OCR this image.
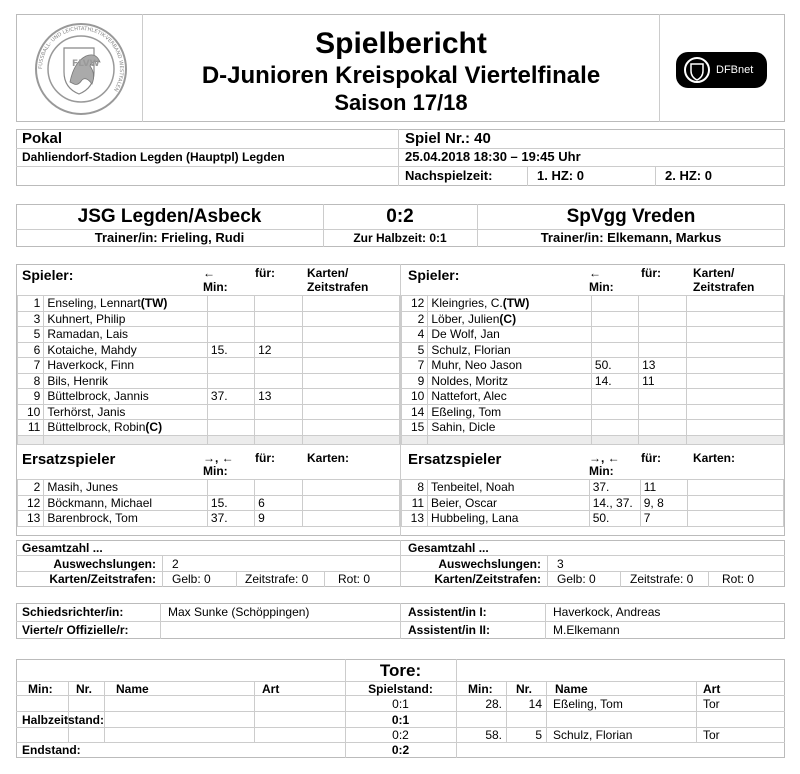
FUSSBALL- UND LEICHTATHLETIK-VERBAND WESTFALEN
FLVW
Spielbericht
D-Junioren Kreispokal Viertelfinale
Saison 17/18
DFBnet
Pokal
Dahliendorf-Stadion Legden (Hauptpl) Legden
Spiel Nr.: 40
25.04.2018 18:30 – 19:45 Uhr
Nachspielzeit:	1. HZ: 0	2. HZ: 0
JSG Legden/Asbeck	0:2	SpVgg Vreden
Trainer/in: Frieling, Rudi	Zur Halbzeit: 0:1	Trainer/in: Elkemann, Markus
Spieler:	←
Min:
für:	Karten/
Zeitstrafen
Spieler:	←
Min:
für:	Karten/
Zeitstrafen
1	Enseling, Lennart(TW)			
3	Kuhnert, Philip			
5	Ramadan, Lais			
6	Kotaiche, Mahdy	15.	12	
7	Haverkock, Finn			
8	Bils, Henrik			
9	Büttelbrock, Jannis	37.	13	
10	Terhörst, Janis			
11	Büttelbrock, Robin(C)			

12	Kleingries, C.(TW)			
2	Löber, Julien(C)			
4	De Wolf, Jan			
5	Schulz, Florian			
7	Muhr, Neo Jason	50.	13	
9	Noldes, Moritz	14.	11	
10	Nattefort, Alec			
14	Eßeling, Tom			
15	Sahin, Dicle			

Ersatzspieler	→, ←
Min:
für:	Karten:	Ersatzspieler	→, ←
Min:
für:	Karten:
2	Masih, Junes			
12	Böckmann, Michael	15.	6	
13	Barenbrock, Tom	37.	9	
8	Tenbeitel, Noah	37.	11	
11	Beier, Oscar	14., 37.	9, 8	
13	Hubbeling, Lana	50.	7	
Gesamtzahl ...
Auswechslungen: 2
Karten/Zeitstrafen: Gelb: 0	Zeitstrafe: 0 Rot: 0
Gesamtzahl ...
Auswechslungen: 3
Karten/Zeitstrafen: Gelb: 0	Zeitstrafe: 0 Rot: 0
Schiedsrichter/in:	Max Sunke (Schöppingen)
Vierte/r Offizielle/r:
Assistent/in I:	Haverkock, Andreas
Assistent/in II:	M.Elkemann
Tore:
Min: Nr. Name	Art	Spielstand:	Min: Nr. Name	Art
0:1	28.	14 Eßeling, Tom	Tor
Halbzeitstand:	0:1
0:2	58.	5 Schulz, Florian	Tor
Endstand:	0:2
